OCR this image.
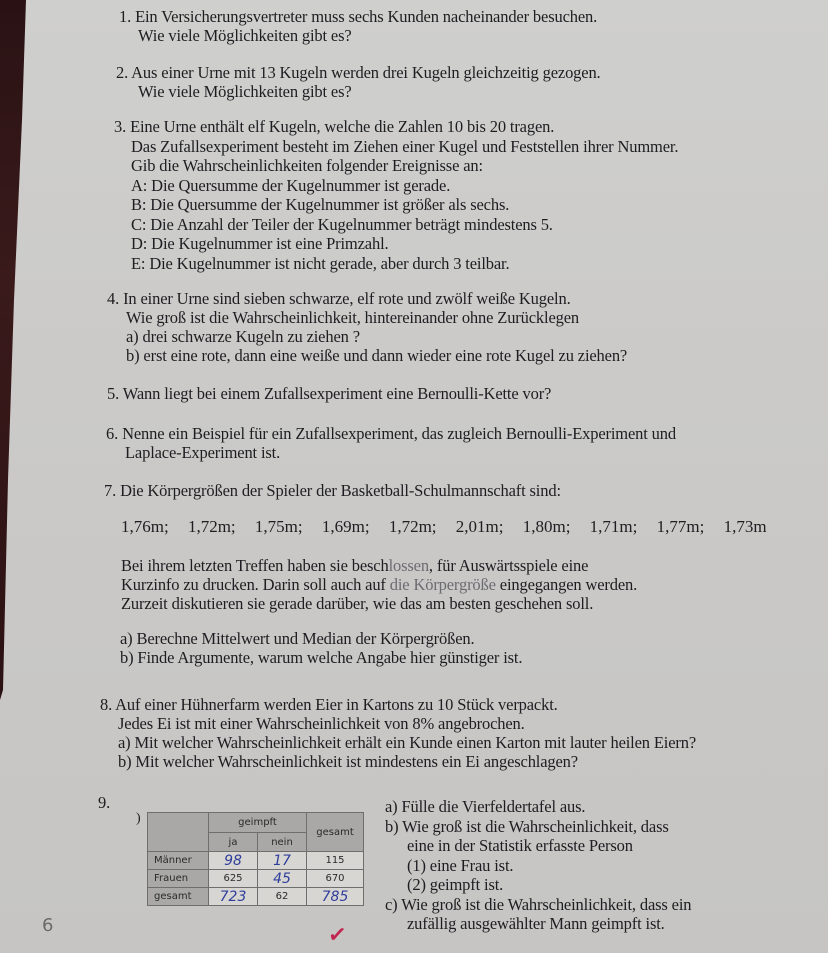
1. Ein Versicherungsvertreter muss sechs Kunden nacheinander besuchen.
Wie viele Möglichkeiten gibt es?
2. Aus einer Urne mit 13 Kugeln werden drei Kugeln gleichzeitig gezogen.
Wie viele Möglichkeiten gibt es?
3. Eine Urne enthält elf Kugeln, welche die Zahlen 10 bis 20 tragen.
Das Zufallsexperiment besteht im Ziehen einer Kugel und Feststellen ihrer Nummer.
Gib die Wahrscheinlichkeiten folgender Ereignisse an:
A: Die Quersumme der Kugelnummer ist gerade.
B: Die Quersumme der Kugelnummer ist größer als sechs.
C: Die Anzahl der Teiler der Kugelnummer beträgt mindestens 5.
D: Die Kugelnummer ist eine Primzahl.
E: Die Kugelnummer ist nicht gerade, aber durch 3 teilbar.
4. In einer Urne sind sieben schwarze, elf rote und zwölf weiße Kugeln.
Wie groß ist die Wahrscheinlichkeit, hintereinander ohne Zurücklegen
a) drei schwarze Kugeln zu ziehen ?
b) erst eine rote, dann eine weiße und dann wieder eine rote Kugel zu ziehen?
5. Wann liegt bei einem Zufallsexperiment eine Bernoulli-Kette vor?
6. Nenne ein Beispiel für ein Zufallsexperiment, das zugleich Bernoulli-Experiment und
Laplace-Experiment ist.
7. Die Körpergrößen der Spieler der Basketball-Schulmannschaft sind:
1,76m; 1,72m; 1,75m; 1,69m; 1,72m; 2,01m; 1,80m; 1,71m; 1,77m; 1,73m
Bei ihrem letzten Treffen haben sie beschlossen, für Auswärtsspiele eine
Kurzinfo zu drucken. Darin soll auch auf die Körpergröße eingegangen werden.
Zurzeit diskutieren sie gerade darüber, wie das am besten geschehen soll.
a) Berechne Mittelwert und Median der Körpergrößen.
b) Finde Argumente, warum welche Angabe hier günstiger ist.
8. Auf einer Hühnerfarm werden Eier in Kartons zu 10 Stück verpackt.
Jedes Ei ist mit einer Wahrscheinlichkeit von 8% angebrochen.
a) Mit welcher Wahrscheinlichkeit erhält ein Kunde einen Karton mit lauter heilen Eiern?
b) Mit welcher Wahrscheinlichkeit ist mindestens ein Ei angeschlagen?
9.
)
		geimpft		gesamt
	ja	nein	
Männer	98	17	115
Frauen	625	45	670
gesamt	723	62	785
a) Fülle die Vierfeldertafel aus.
b) Wie groß ist die Wahrscheinlichkeit, dass
eine in der Statistik erfasste Person
(1) eine Frau ist.
(2) geimpft ist.
c) Wie groß ist die Wahrscheinlichkeit, dass ein
zufällig ausgewählter Mann geimpft ist.
✓
6
